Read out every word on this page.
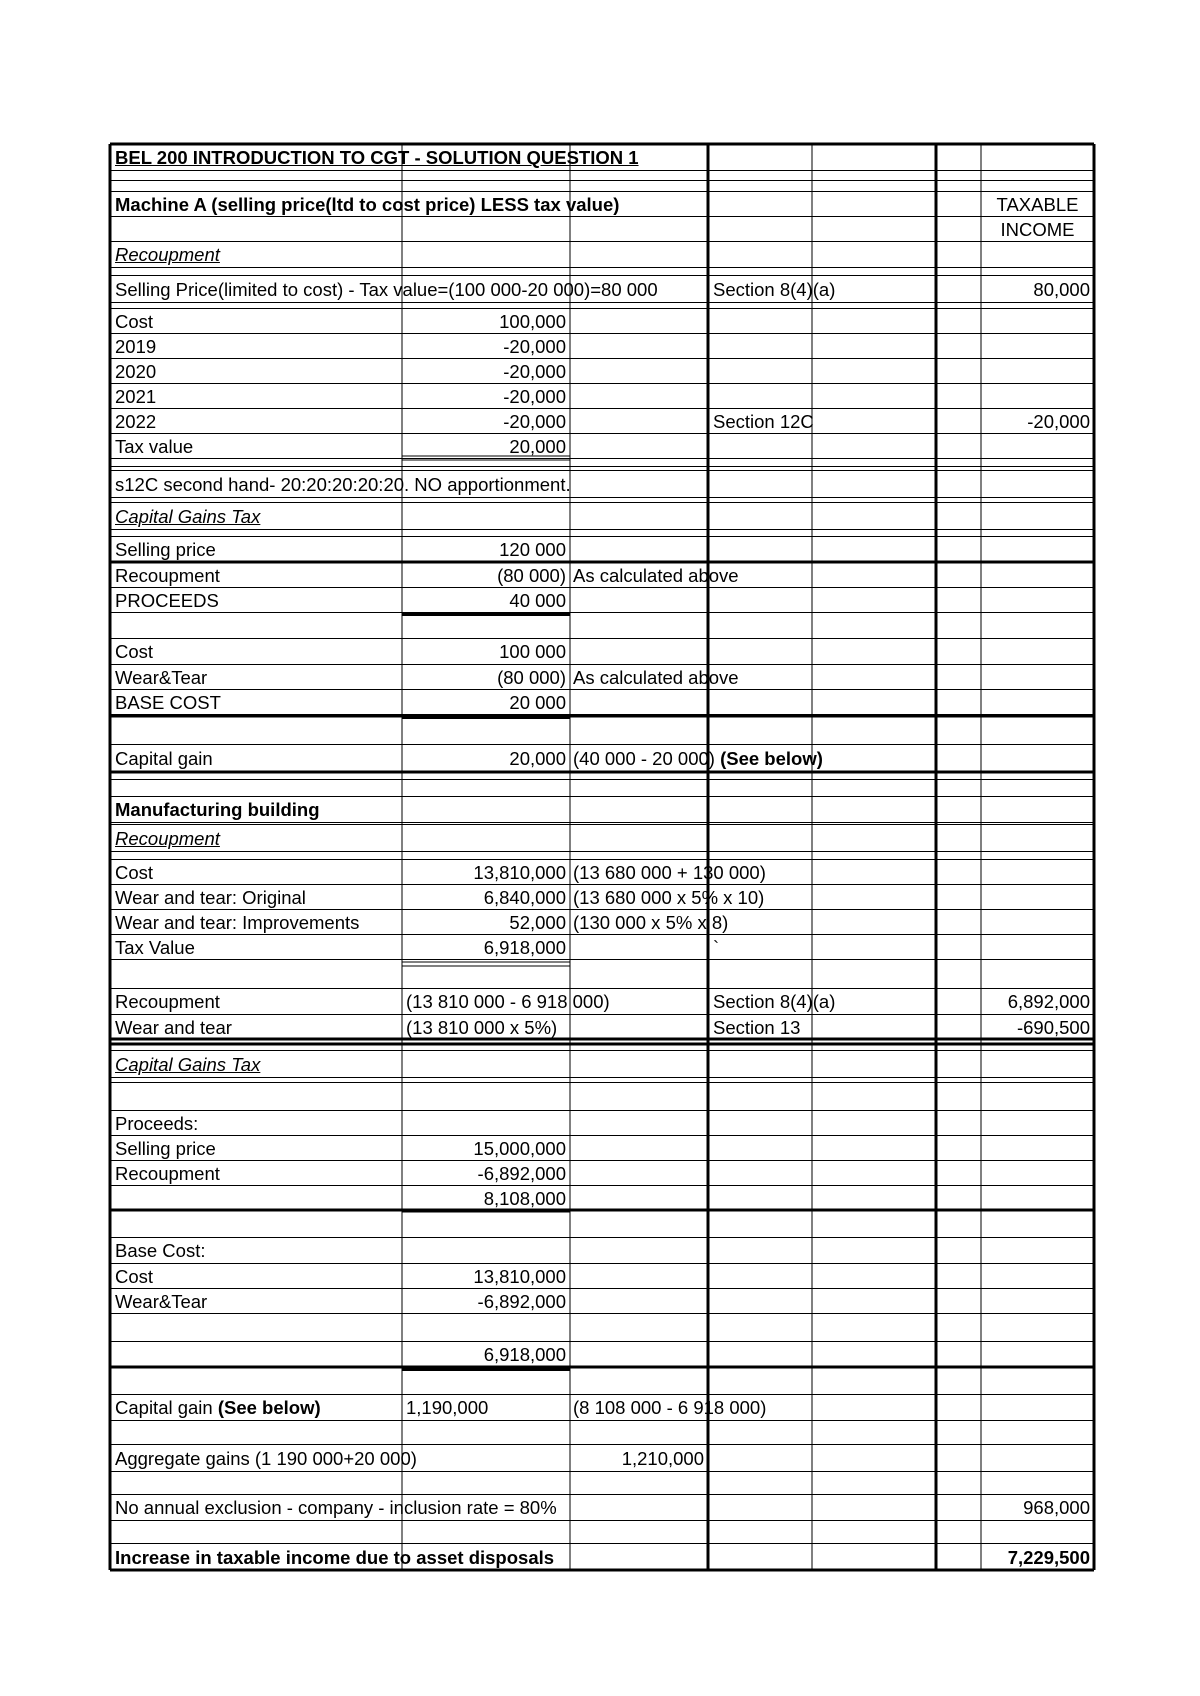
BEL 200 INTRODUCTION TO CGT - SOLUTION QUESTION 1
Machine A (selling price(ltd to cost price) LESS tax value)	TAXABLE
INCOME
Recoupment
Selling Price(limited to cost) - Tax value=(100 000-20 000)=80 000	Section 8(4)(a)	80,000
Cost	100,000
2019	-20,000
2020	-20,000
2021	-20,000
2022	-20,000	Section 12C	-20,000
Tax value	20,000
s12C second hand- 20:20:20:20:20. NO apportionment.
Capital Gains Tax
Selling price	120 000
Recoupment	(80 000) As calculated above
PROCEEDS	40 000
Cost	100 000
Wear&Tear	(80 000) As calculated above
BASE COST	20 000
Capital gain	20,000 (40 000 - 20 000) (See below)
Manufacturing building
Recoupment
Cost	13,810,000 (13 680 000 + 130 000)
Wear and tear: Original	6,840,000 (13 680 000 x 5% x 10)
Wear and tear: Improvements	52,000 (130 000 x 5% x 8)
Tax Value	6,918,000	`
Recoupment	(13 810 000 - 6 918 000)	Section 8(4)(a)	6,892,000
Wear and tear	(13 810 000 x 5%)	Section 13	-690,500
Capital Gains Tax
Proceeds:
Selling price	15,000,000
Recoupment	-6,892,000
8,108,000
Base Cost:
Cost	13,810,000
Wear&Tear	-6,892,000
6,918,000
Capital gain (See below)	1,190,000	(8 108 000 - 6 918 000)
Aggregate gains (1 190 000+20 000)	1,210,000
No annual exclusion - company - inclusion rate = 80%	968,000
Increase in taxable income due to asset disposals	7,229,500
